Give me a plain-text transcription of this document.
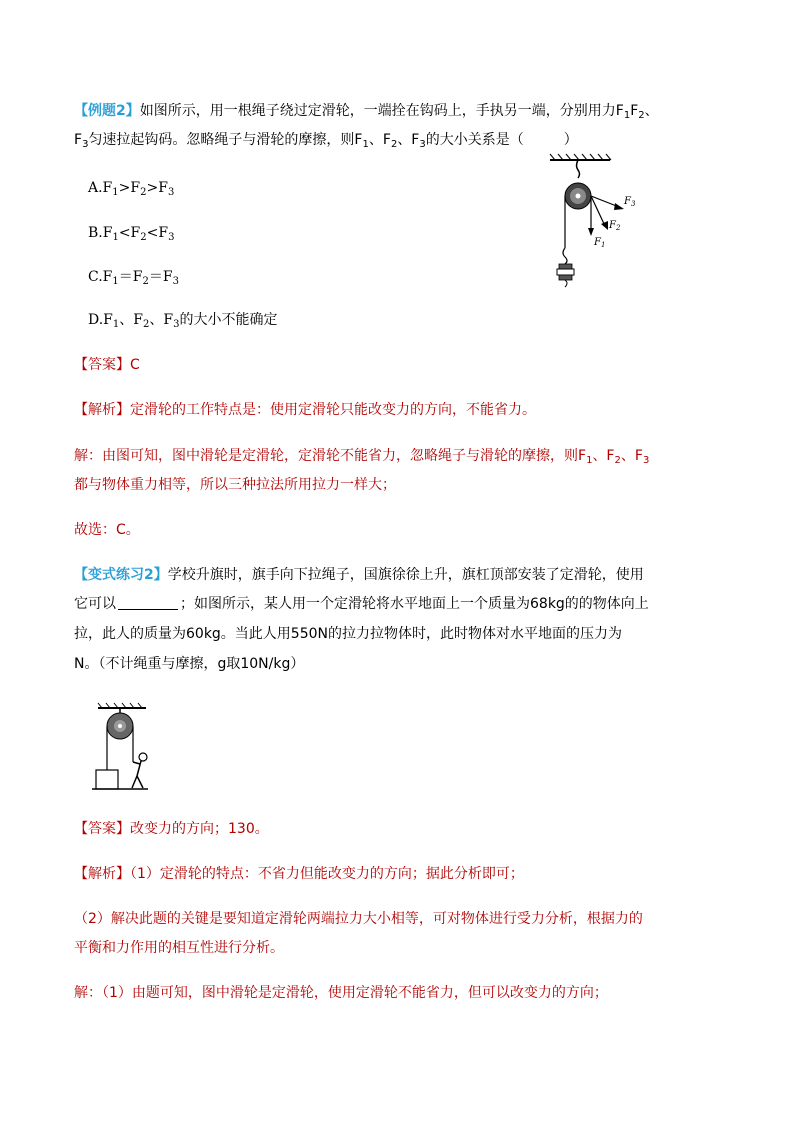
【例题2】如图所示，用一根绳子绕过定滑轮，一端拴在钩码上，手执另一端，分别用力$F_1F_2$、
$F_3$匀速拉起钩码。忽略绳子与滑轮的摩擦，则$F_1$、$F_2$、$F_3$的大小关系是（	）
$A.F_1>F_2>F_3$
$B.F_1<F_2<F_3$
$C.F_1=F_2=F_3$
$D.F_1$、$F_2$、$F_3$的大小不能确定
$F_1$
$F_2$
$F_3$
【答案】C
【解析】定滑轮的工作特点是：使用定滑轮只能改变力的方向，不能省力。
解：由图可知，图中滑轮是定滑轮，定滑轮不能省力，忽略绳子与滑轮的摩擦，则$F_1$、$F_2$、$F_3$
都与物体重力相等，所以三种拉法所用拉力一样大；
故选：C。
【变式练习2】学校升旗时，旗手向下拉绳子，国旗徐徐上升，旗杠顶部安装了定滑轮，使用
它可以	；如图所示，某人用一个定滑轮将水平地面上一个质量为68kg的的物体向上
拉，此人的质量为60kg。当此人用550N的拉力拉物体时，此时物体对水平地面的压力为
N。（不计绳重与摩擦，g取10N/kg）
【答案】改变力的方向；130。
【解析】（1）定滑轮的特点：不省力但能改变力的方向；据此分析即可；
（2）解决此题的关键是要知道定滑轮两端拉力大小相等，可对物体进行受力分析，根据力的
平衡和力作用的相互性进行分析。
解：（1）由题可知，图中滑轮是定滑轮，使用定滑轮不能省力，但可以改变力的方向；
